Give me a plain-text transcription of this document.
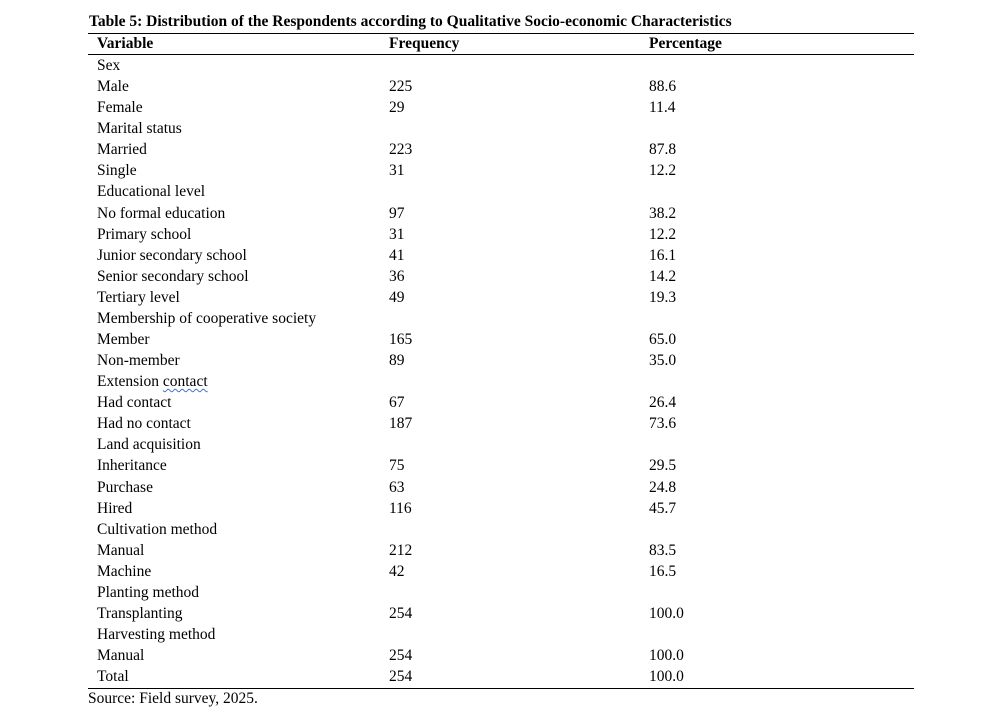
Table 5: Distribution of the Respondents according to Qualitative Socio-economic Characteristics
Variable	Frequency	Percentage
Sex
Male	225	88.6
Female	29	11.4
Marital status
Married	223	87.8
Single	31	12.2
Educational level
No formal education	97	38.2
Primary school	31	12.2
Junior secondary school	41	16.1
Senior secondary school	36	14.2
Tertiary level	49	19.3
Membership of cooperative society
Member	165	65.0
Non-member	89	35.0
Extension contact
Had contact	67	26.4
Had no contact	187	73.6
Land acquisition
Inheritance	75	29.5
Purchase	63	24.8
Hired	116	45.7
Cultivation method
Manual	212	83.5
Machine	42	16.5
Planting method
Transplanting	254	100.0
Harvesting method
Manual	254	100.0
Total	254	100.0
Source: Field survey, 2025.
